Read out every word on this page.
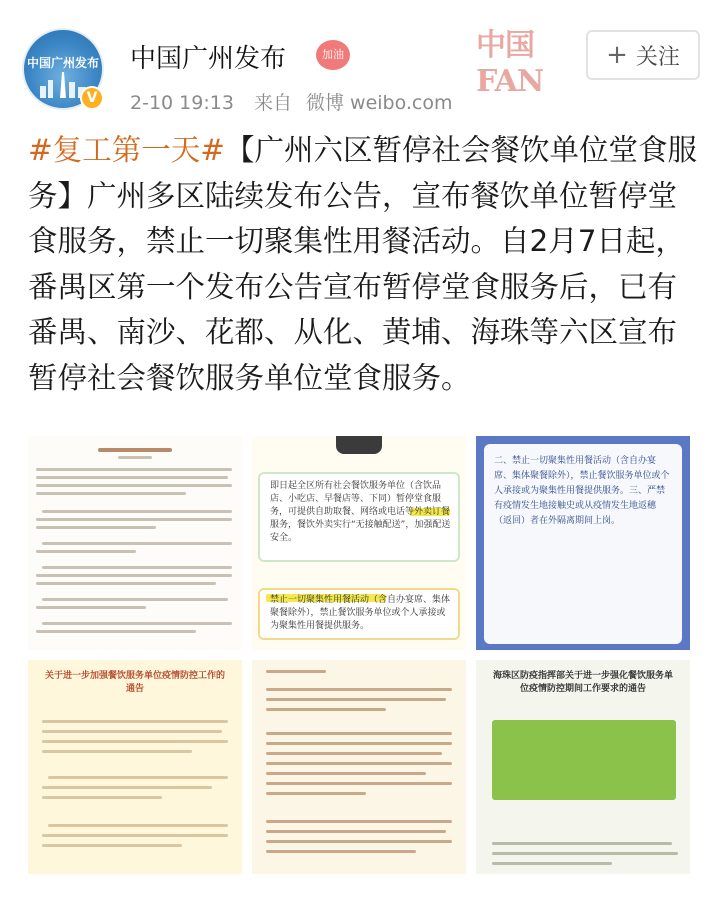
中国广州发布
V
中国广州发布	加油
2-10 19:13 来自 微博 weibo.com
中国FAN
+ 关注
#复工第一天#【广州六区暂停社会餐饮单位堂食服务】广州多区陆续发布公告，宣布餐饮单位暂停堂食服务，禁止一切聚集性用餐活动。自2月7日起，番禺区第一个发布公告宣布暂停堂食服务后，已有番禺、南沙、花都、从化、黄埔、海珠等六区宣布暂停社会餐饮服务单位堂食服务。
即日起全区所有社会餐饮服务单位（含饮品店、小吃店、早餐店等、下同）暂停堂食服务，可提供自助取餐、网络或电话等外卖订餐服务，餐饮外卖实行“无接触配送”，加强配送安全。
禁止一切聚集性用餐活动（含自办宴席、集体聚餐除外），禁止餐饮服务单位或个人承接或为聚集性用餐提供服务。
二、禁止一切聚集性用餐活动（含自办宴席、集体聚餐除外），禁止餐饮服务单位或个人承接或为聚集性用餐提供服务。三、严禁有疫情发生地接触史或从疫情发生地返穗（返回）者在外隔离期间上岗。
关于进一步加强餐饮服务单位疫情防控工作的通告
海珠区防疫指挥部关于进一步强化餐饮服务单位疫情防控期间工作要求的通告
